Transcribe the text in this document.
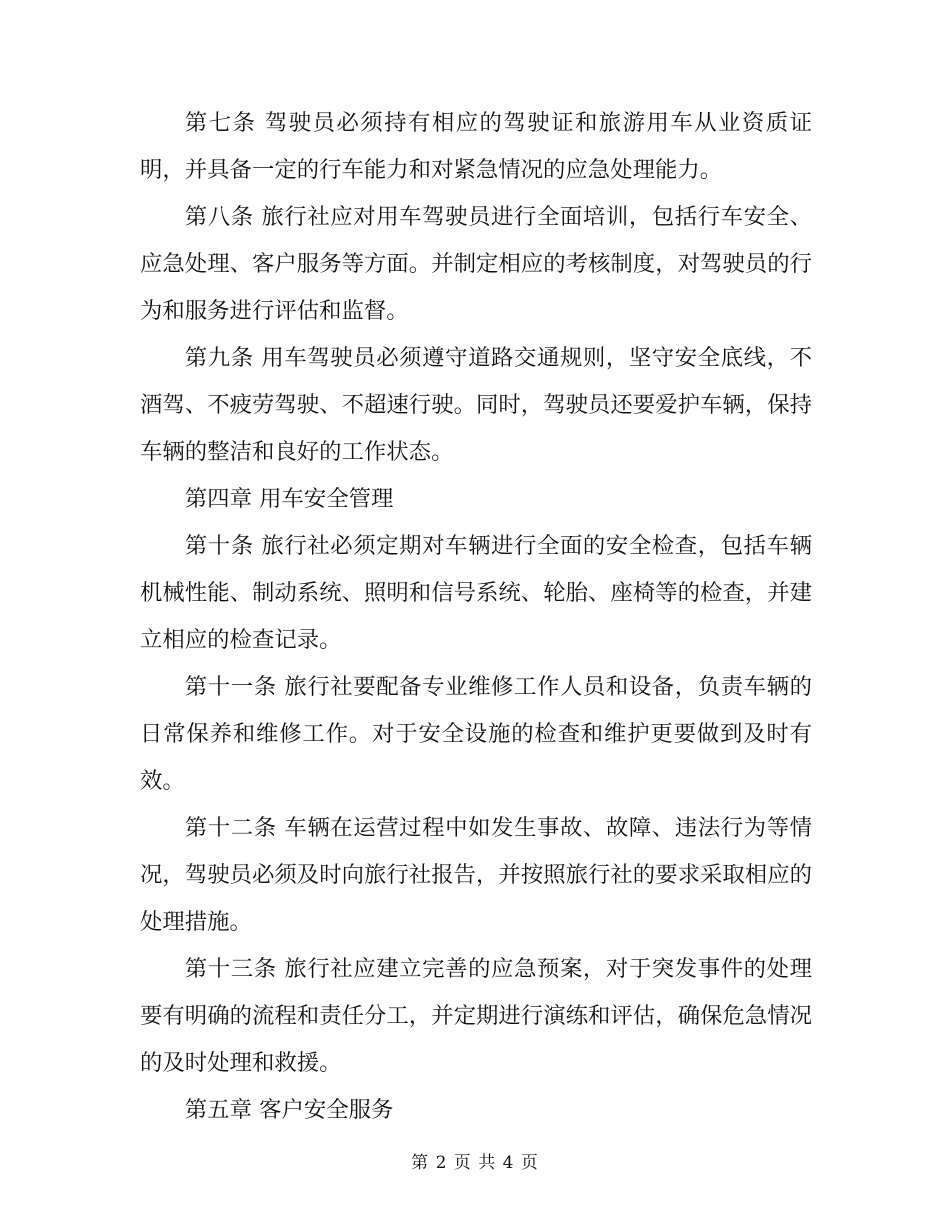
第七条 驾驶员必须持有相应的驾驶证和旅游用车从业资质证明，并具备一定的行车能力和对紧急情况的应急处理能力。

第八条 旅行社应对用车驾驶员进行全面培训，包括行车安全、应急处理、客户服务等方面。并制定相应的考核制度，对驾驶员的行为和服务进行评估和监督。

第九条 用车驾驶员必须遵守道路交通规则，坚守安全底线，不酒驾、不疲劳驾驶、不超速行驶。同时，驾驶员还要爱护车辆，保持车辆的整洁和良好的工作状态。

第四章 用车安全管理

第十条 旅行社必须定期对车辆进行全面的安全检查，包括车辆机械性能、制动系统、照明和信号系统、轮胎、座椅等的检查，并建立相应的检查记录。

第十一条 旅行社要配备专业维修工作人员和设备，负责车辆的日常保养和维修工作。对于安全设施的检查和维护更要做到及时有效。

第十二条 车辆在运营过程中如发生事故、故障、违法行为等情况，驾驶员必须及时向旅行社报告，并按照旅行社的要求采取相应的处理措施。

第十三条 旅行社应建立完善的应急预案，对于突发事件的处理要有明确的流程和责任分工，并定期进行演练和评估，确保危急情况的及时处理和救援。

第五章 客户安全服务

第 2 页 共 4 页
